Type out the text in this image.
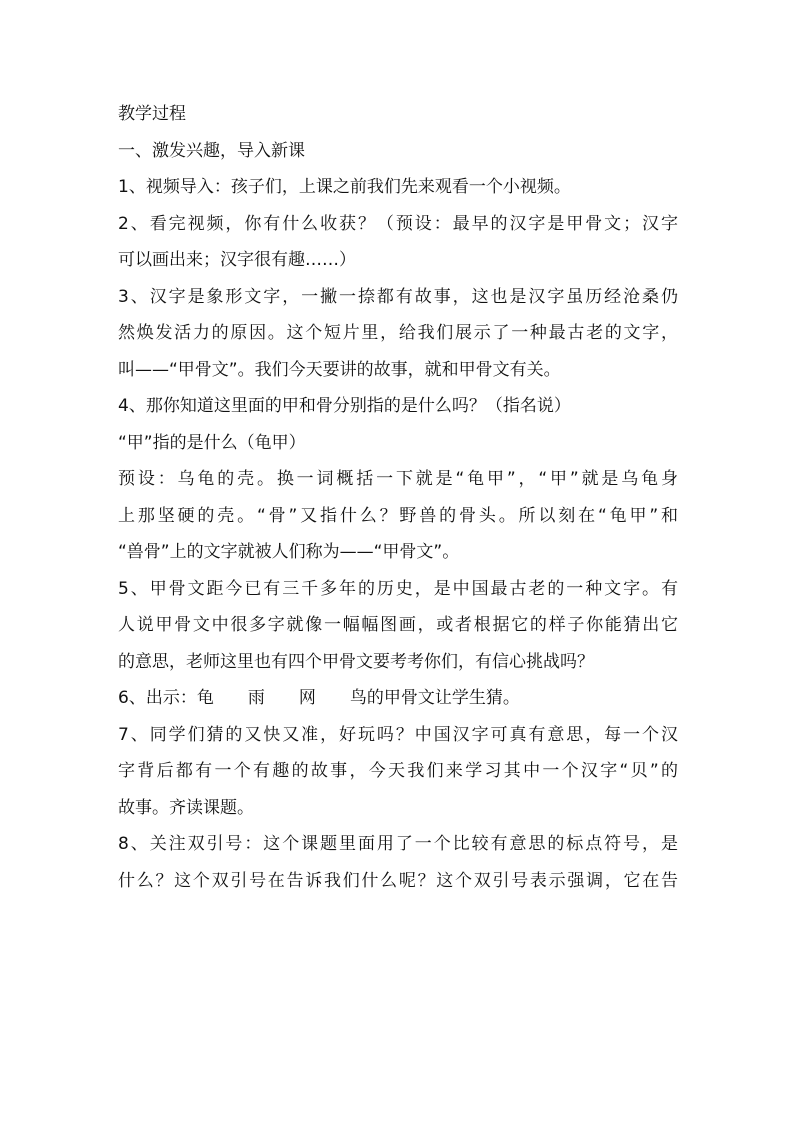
教学过程
一、激发兴趣，导入新课
1、视频导入：孩子们，上课之前我们先来观看一个小视频。
2、看完视频，你有什么收获？（预设：最早的汉字是甲骨文；汉字
可以画出来；汉字很有趣……）
3、汉字是象形文字，一撇一捺都有故事，这也是汉字虽历经沧桑仍
然焕发活力的原因。这个短片里，给我们展示了一种最古老的文字，
叫——“甲骨文”。我们今天要讲的故事，就和甲骨文有关。
4、那你知道这里面的甲和骨分别指的是什么吗？（指名说）
“甲”指的是什么（龟甲）
预设：乌龟的壳。换一词概括一下就是“龟甲”，“甲”就是乌龟身
上那坚硬的壳。“骨”又指什么？野兽的骨头。所以刻在“龟甲”和
“兽骨”上的文字就被人们称为——“甲骨文”。
5、甲骨文距今已有三千多年的历史，是中国最古老的一种文字。有
人说甲骨文中很多字就像一幅幅图画，或者根据它的样子你能猜出它
的意思，老师这里也有四个甲骨文要考考你们，有信心挑战吗？
6、出示：龟　　雨　　网　　鸟的甲骨文让学生猜。
7、同学们猜的又快又准，好玩吗？中国汉字可真有意思，每一个汉
字背后都有一个有趣的故事，今天我们来学习其中一个汉字“贝”的
故事。齐读课题。
8、关注双引号：这个课题里面用了一个比较有意思的标点符号，是
什么？这个双引号在告诉我们什么呢？这个双引号表示强调，它在告
